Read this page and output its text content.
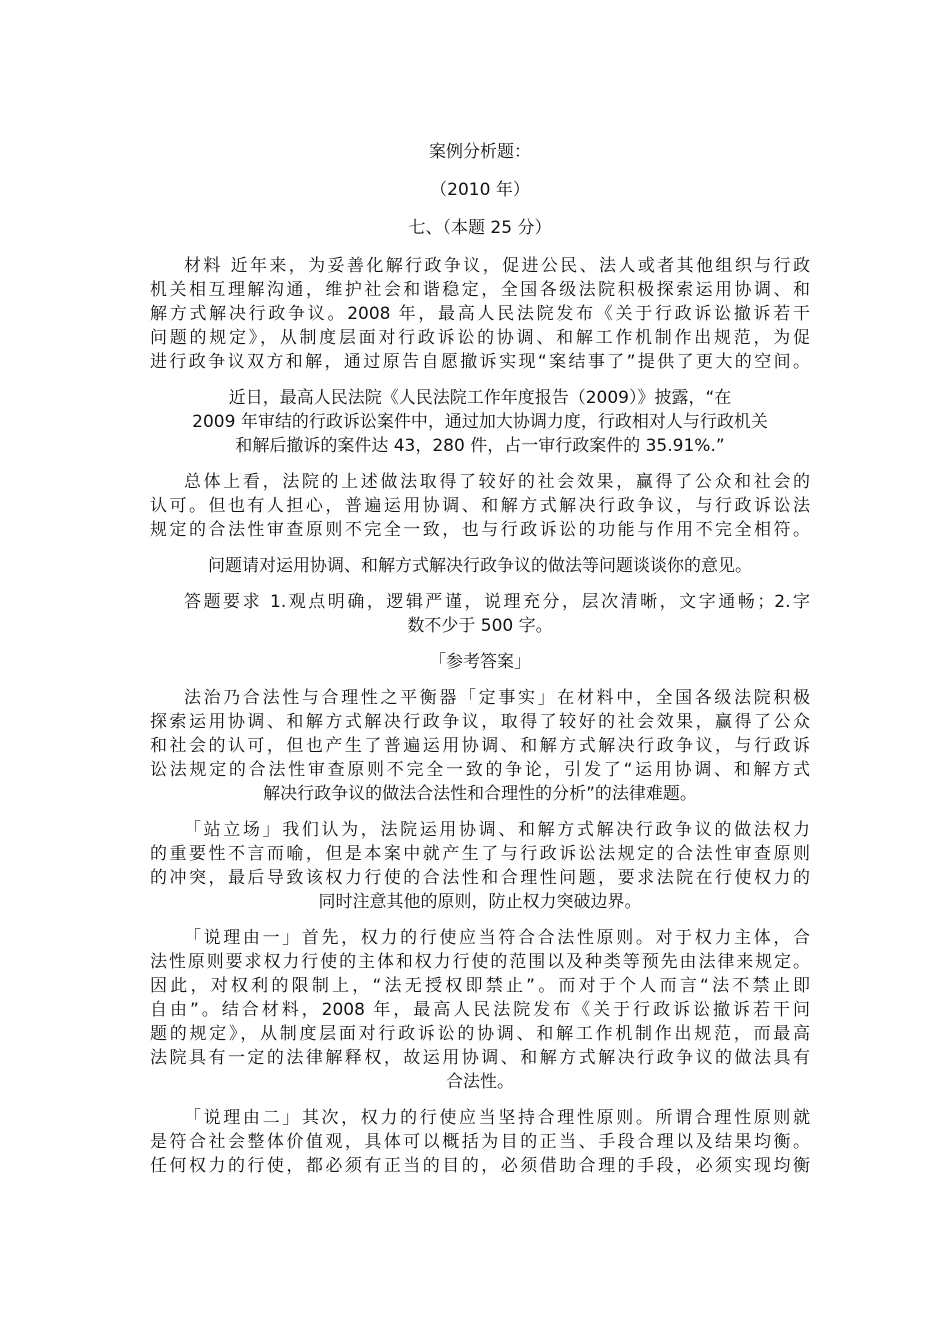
案例分析题：
（2010 年）
七、（本题 25 分）
材料 近年来，为妥善化解行政争议，促进公民、法人或者其他组织与行政
机关相互理解沟通，维护社会和谐稳定，全国各级法院积极探索运用协调、和
解方式解决行政争议。2008 年，最高人民法院发布《关于行政诉讼撤诉若干
问题的规定》，从制度层面对行政诉讼的协调、和解工作机制作出规范，为促
进行政争议双方和解，通过原告自愿撤诉实现“案结事了”提供了更大的空间。
近日，最高人民法院《人民法院工作年度报告（2009）》披露，“在
2009 年审结的行政诉讼案件中，通过加大协调力度，行政相对人与行政机关
和解后撤诉的案件达 43，280 件，占一审行政案件的 35.91%.”
总体上看，法院的上述做法取得了较好的社会效果，赢得了公众和社会的
认可。但也有人担心，普遍运用协调、和解方式解决行政争议，与行政诉讼法
规定的合法性审查原则不完全一致，也与行政诉讼的功能与作用不完全相符。
问题请对运用协调、和解方式解决行政争议的做法等问题谈谈你的意见。
答题要求 1.观点明确，逻辑严谨，说理充分，层次清晰，文字通畅；2.字
数不少于 500 字。
「参考答案」
法治乃合法性与合理性之平衡器「定事实」在材料中，全国各级法院积极
探索运用协调、和解方式解决行政争议，取得了较好的社会效果，赢得了公众
和社会的认可，但也产生了普遍运用协调、和解方式解决行政争议，与行政诉
讼法规定的合法性审查原则不完全一致的争论，引发了“运用协调、和解方式
解决行政争议的做法合法性和合理性的分析”的法律难题。
「站立场」我们认为，法院运用协调、和解方式解决行政争议的做法权力
的重要性不言而喻，但是本案中就产生了与行政诉讼法规定的合法性审查原则
的冲突，最后导致该权力行使的合法性和合理性问题，要求法院在行使权力的
同时注意其他的原则，防止权力突破边界。
「说理由一」首先，权力的行使应当符合合法性原则。对于权力主体，合
法性原则要求权力行使的主体和权力行使的范围以及种类等预先由法律来规定。
因此，对权利的限制上，“法无授权即禁止”。而对于个人而言“法不禁止即
自由”。结合材料，2008 年，最高人民法院发布《关于行政诉讼撤诉若干问
题的规定》，从制度层面对行政诉讼的协调、和解工作机制作出规范，而最高
法院具有一定的法律解释权，故运用协调、和解方式解决行政争议的做法具有
合法性。
「说理由二」其次，权力的行使应当坚持合理性原则。所谓合理性原则就
是符合社会整体价值观，具体可以概括为目的正当、手段合理以及结果均衡。
任何权力的行使，都必须有正当的目的，必须借助合理的手段，必须实现均衡
